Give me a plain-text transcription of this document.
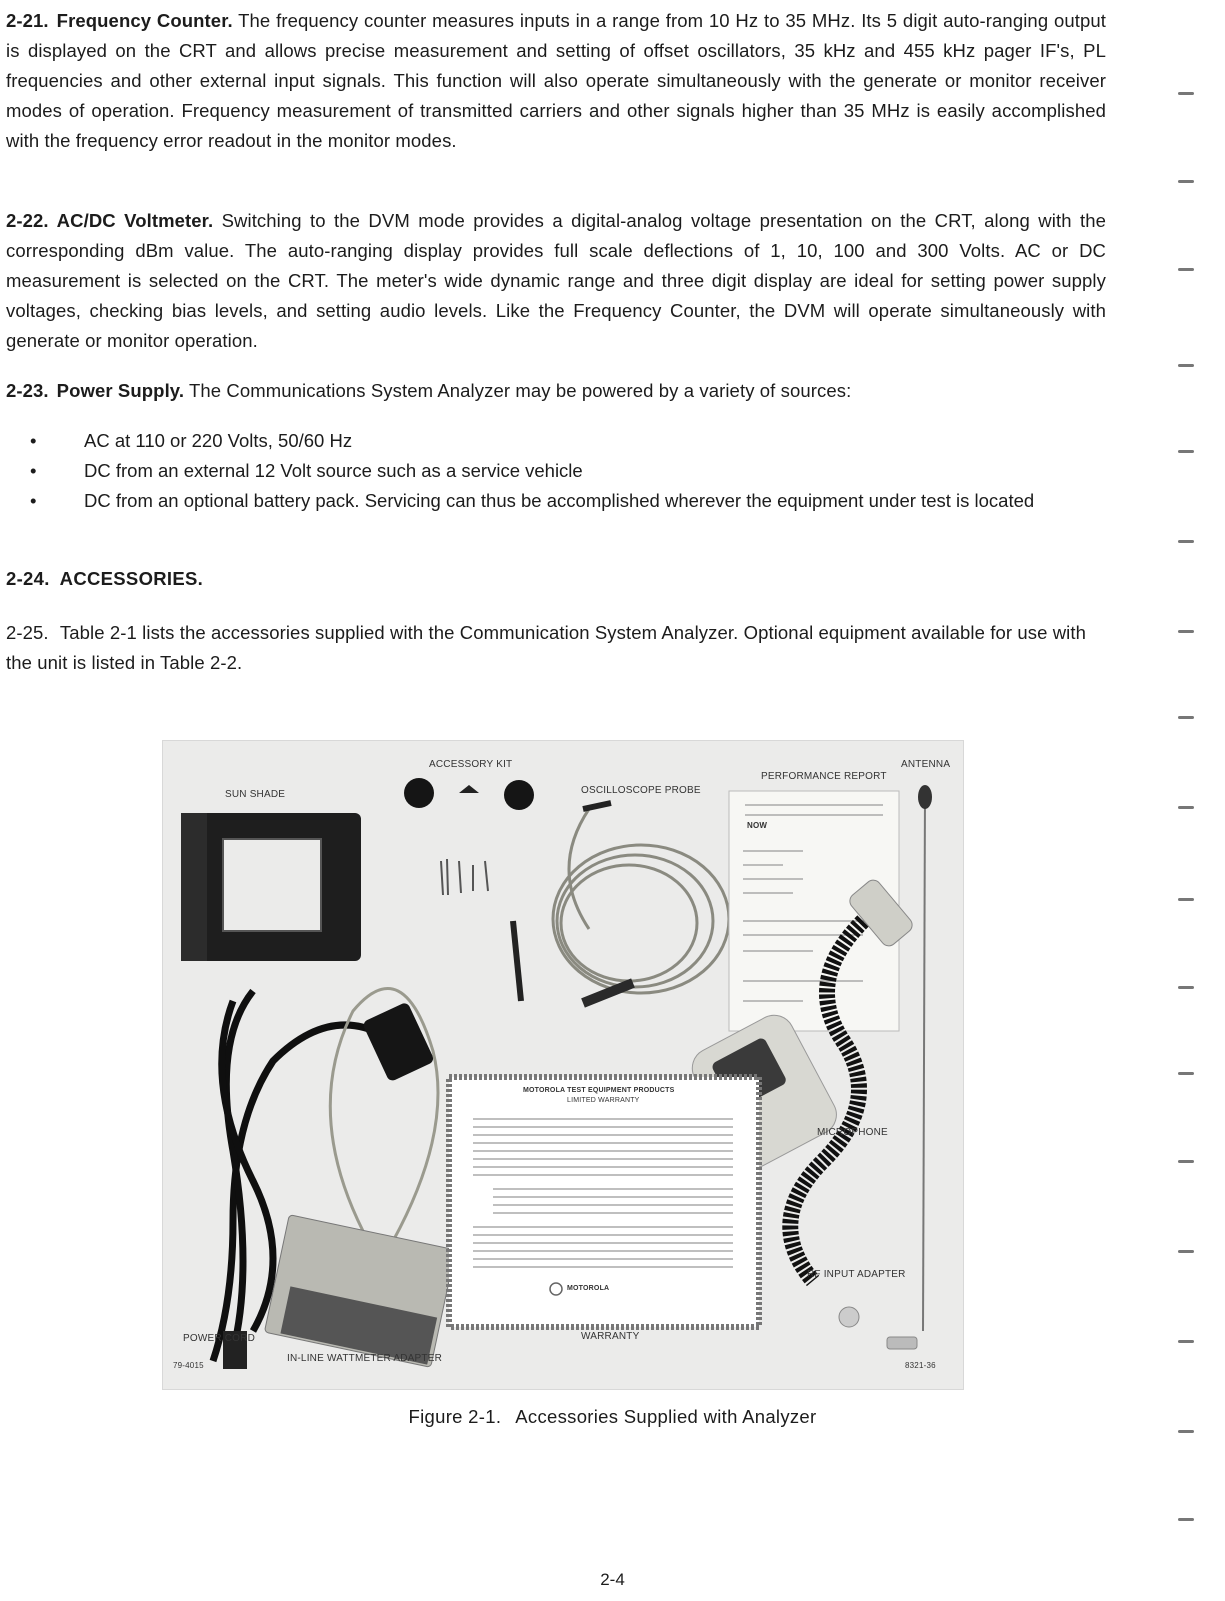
2-21. Frequency Counter. The frequency counter measures inputs in a range from 10 Hz to 35 MHz. Its 5 digit auto-ranging output is displayed on the CRT and allows precise measurement and setting of offset oscillators, 35 kHz and 455 kHz pager IF's, PL frequencies and other external input signals. This function will also operate simultaneously with the generate or monitor receiver modes of operation. Frequency measurement of transmitted carriers and other signals higher than 35 MHz is easily accomplished with the frequency error readout in the monitor modes.

2-22. AC/DC Voltmeter. Switching to the DVM mode provides a digital-analog voltage presentation on the CRT, along with the corresponding dBm value. The auto-ranging display provides full scale deflections of 1, 10, 100 and 300 Volts. AC or DC measurement is selected on the CRT. The meter's wide dynamic range and three digit display are ideal for setting power supply voltages, checking bias levels, and setting audio levels. Like the Frequency Counter, the DVM will operate simultaneously with generate or monitor operation.

2-23. Power Supply. The Communications System Analyzer may be powered by a variety of sources:

• AC at 110 or 220 Volts, 50/60 Hz
• DC from an external 12 Volt source such as a service vehicle
• DC from an optional battery pack. Servicing can thus be accomplished wherever the equipment under test is located
2-24. ACCESSORIES.

2-25. Table 2-1 lists the accessories supplied with the Communication System Analyzer. Optional equipment available for use with the unit is listed in Table 2-2.

ACCESSORY KIT
SUN SHADE	OSCILLOSCOPE PROBE
PERFORMANCE REPORT
ANTENNA
MICROPHONE
RF INPUT ADAPTER
POWER CORD	WARRANTY
IN-LINE WATTMETER ADAPTER
79-4015	8321-36
MOTOROLA TEST EQUIPMENT PRODUCTS
LIMITED WARRANTY
MOTOROLA
NOW
Figure 2-1. Accessories Supplied with Analyzer
2-4
